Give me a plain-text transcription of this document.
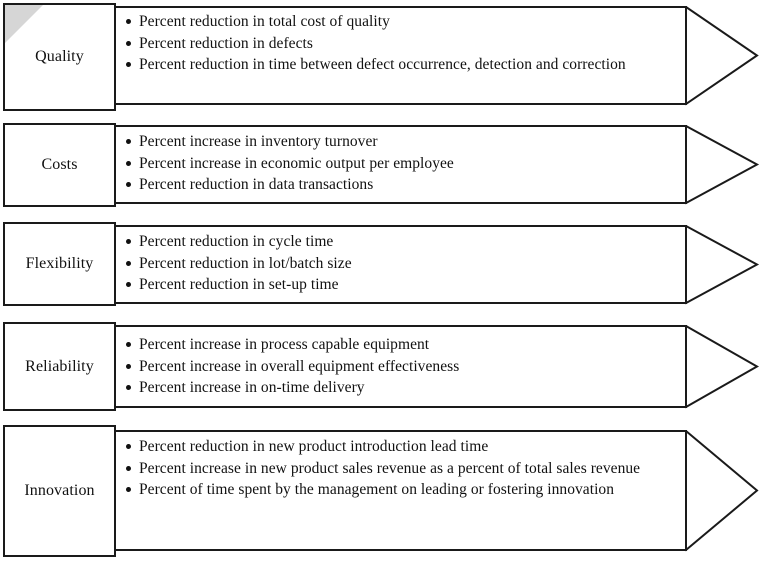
Quality
Percent reduction in total cost of quality
Percent reduction in defects
Percent reduction in time between defect occurrence, detection and correction
Costs
Percent increase in inventory turnover
Percent increase in economic output per employee
Percent reduction in data transactions
Flexibility
Percent reduction in cycle time
Percent reduction in lot/batch size
Percent reduction in set-up time
Reliability
Percent increase in process capable equipment
Percent increase in overall equipment effectiveness
Percent increase in on-time delivery
Innovation
Percent reduction in new product introduction lead time
Percent increase in new product sales revenue as a percent of total sales revenue
Percent of time spent by the management on leading or fostering innovation
